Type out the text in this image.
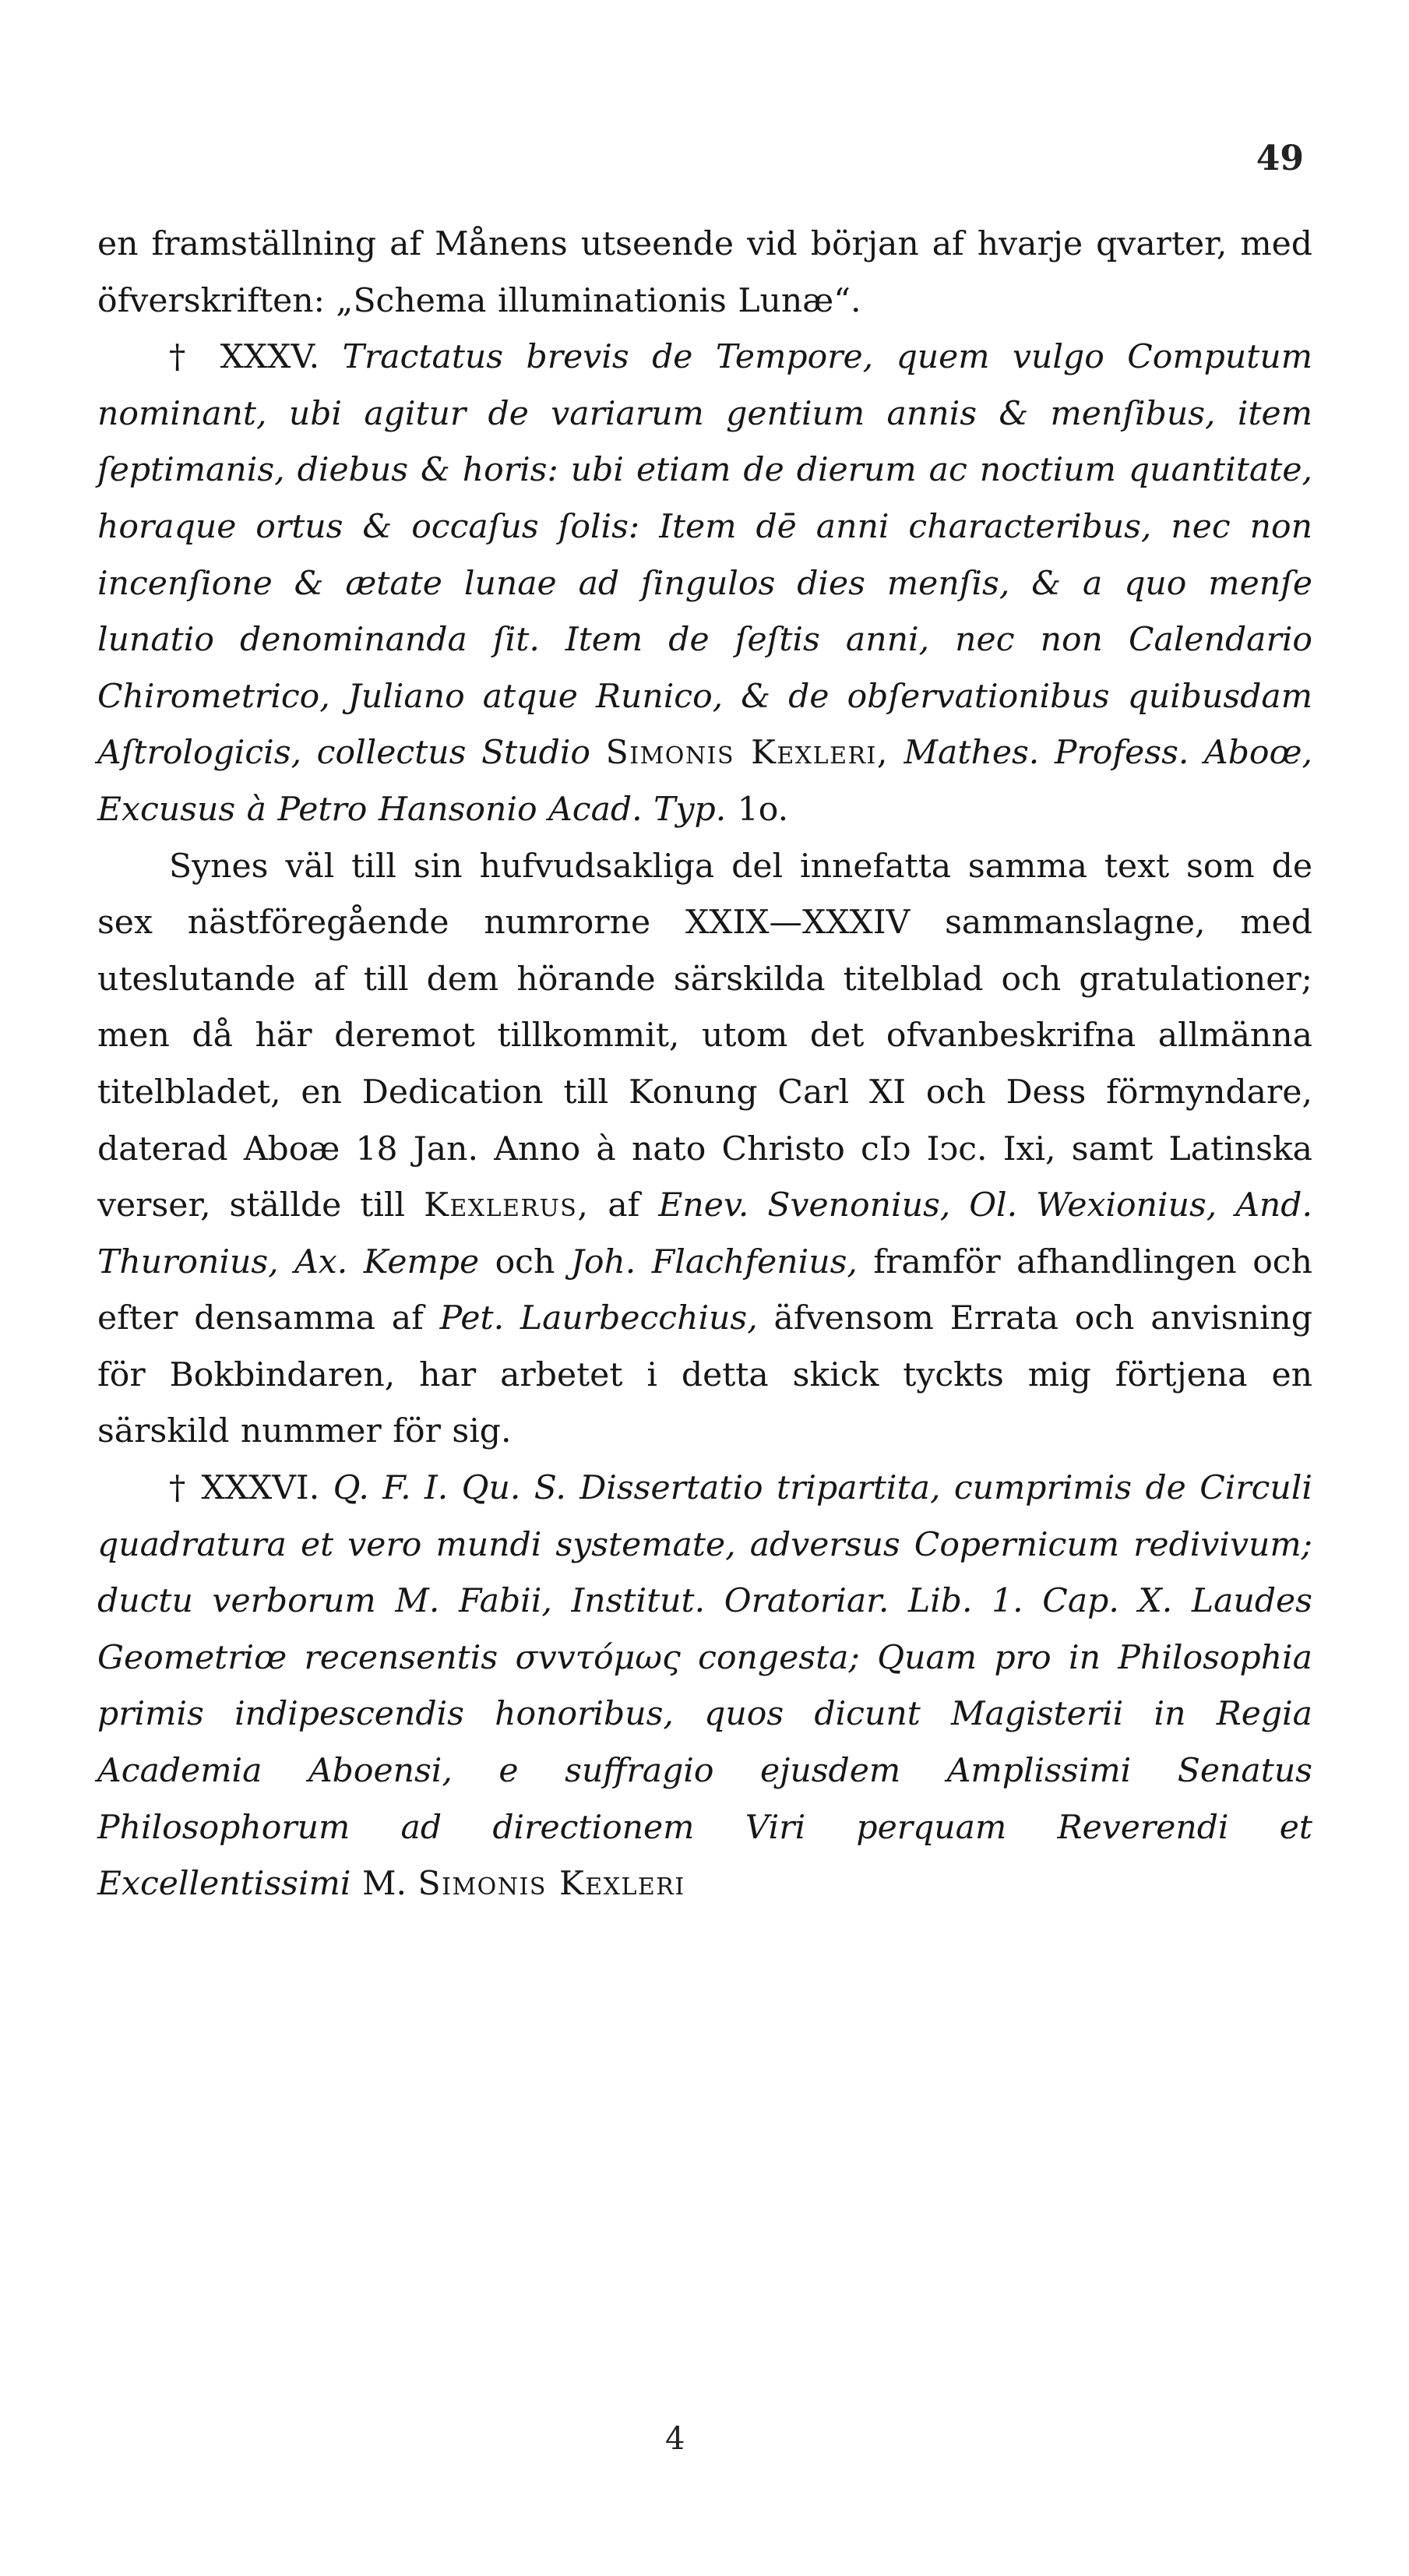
49

en framställning af Månens utseende vid början af hvarje qvarter, med öfverskriften: „Schema illuminationis Lunæ“.

† XXXV. Tractatus brevis de Tempore, quem vulgo Computum nominant, ubi agitur de variarum gentium annis & menſibus, item ſeptimanis, diebus & horis: ubi etiam de dierum ac noctium quantitate, horaque ortus & occaſus ſolis: Item dē anni characteribus, nec non incenſione & ætate lunae ad ſingulos dies menſis, & a quo menſe lunatio denominanda ſit. Item de ſeſtis anni, nec non Calendario Chirometrico, Juliano atque Runico, & de obſervationibus quibusdam Aſtrologicis, collectus Studio Simonis Kexleri, Mathes. Profess. Aboœ, Excusus à Petro Hansonio Acad. Typ. 1o.

Synes väl till sin hufvudsakliga del innefatta samma text som de sex nästföregående numrorne XXIX—XXXIV sammanslagne, med uteslutande af till dem hörande särskilda titelblad och gratulationer; men då här deremot tillkommit, utom det ofvanbeskrifna allmänna titelbladet, en Dedication till Konung Carl XI och Dess förmyndare, daterad Aboæ 18 Jan. Anno à nato Christo cIↄ Iↄc. Ixi, samt Latinska verser, ställde till Kexlerus, af Enev. Svenonius, Ol. Wexionius, And. Thuronius, Ax. Kempe och Joh. Flachfenius, framför afhandlingen och efter densamma af Pet. Laurbecchius, äfvensom Errata och anvisning för Bokbindaren, har arbetet i detta skick tyckts mig förtjena en särskild nummer för sig.

† XXXVI. Q. F. I. Qu. S. Dissertatio tripartita, cumprimis de Circuli quadratura et vero mundi systemate, adversus Copernicum redivivum; ductu verborum M. Fabii, Institut. Oratoriar. Lib. 1. Cap. X. Laudes Geometriœ recensentis σvvτόμως congesta; Quam pro in Philosophia primis indipescendis honoribus, quos dicunt Magisterii in Regia Academia Aboensi, e suffragio ejusdem Amplissimi Senatus Philosophorum ad directionem Viri perquam Reverendi et Excellentissimi M. Simonis Kexleri

4
